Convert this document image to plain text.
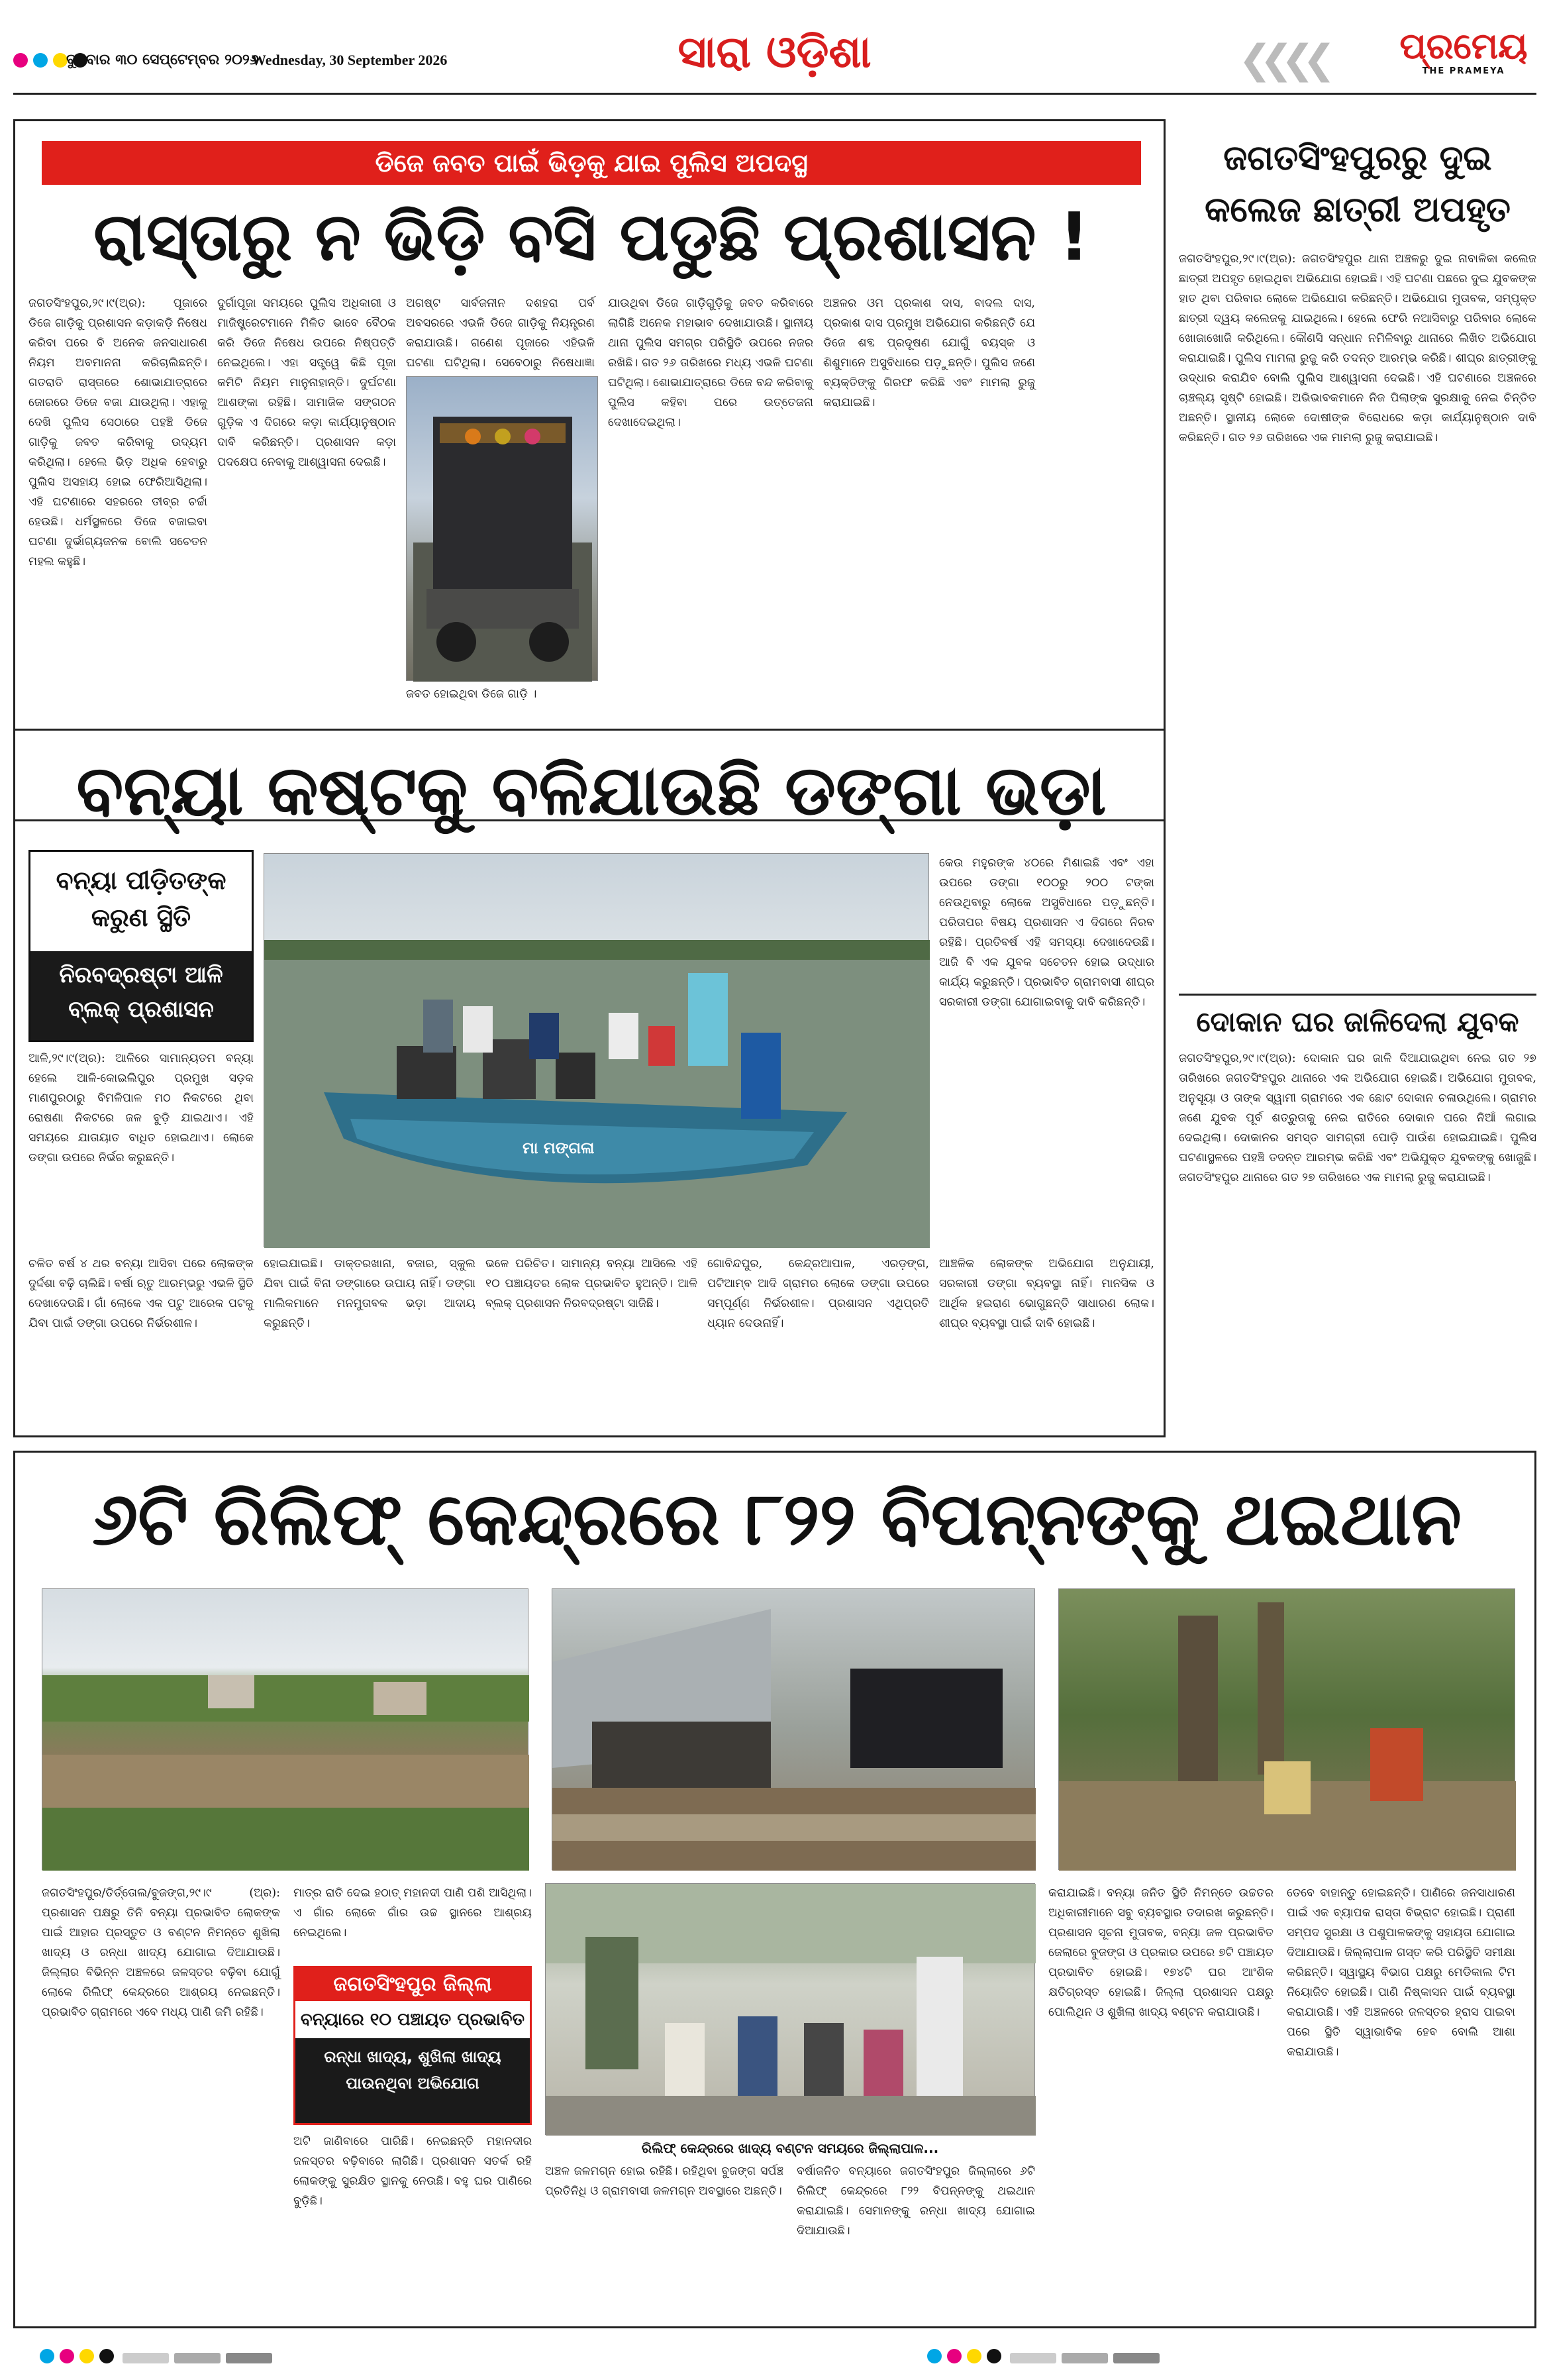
ବୁଧବାର ୩୦ ସେପ୍ଟେମ୍ବର ୨୦୨୬
Wednesday, 30 September 2026	ସାରା ଓଡ଼ିଶା	❮❮❮❮ ପ୍ରମେୟ
THE PRAMEYA
ଡିଜେ ଜବତ ପାଇଁ ଭିଡ଼କୁ ଯାଇ ପୁଲିସ ଅପଦସ୍ଥ
ରାସ୍ତାରୁ ନ ଭିଡ଼ି ବସି ପଡୁଛି ପ୍ରଶାସନ !
ଜଗତସିଂହପୁର,୨୯।୯(ଅ୍ର): ପୂଜାରେ ଡିଜେ ଗାଡ଼ିକୁ ପ୍ରଶାସନ କଡ଼ାକଡ଼ି ନିଷେଧ କରିବା ପରେ ବି ଅନେକ ଜନସାଧାରଣ ନିୟମ ଅବମାନନା କରିଚାଲିଛନ୍ତି। ଗତରାତି ରାସ୍ତାରେ ଶୋଭାଯାତ୍ରାରେ ଜୋରରେ ଡିଜେ ବଜା ଯାଉଥିଲା। ଏହାକୁ ଦେଖି ପୁଲିସ ସେଠାରେ ପହଞ୍ଚି ଡିଜେ ଗାଡ଼ିକୁ ଜବତ କରିବାକୁ ଉଦ୍ୟମ କରିଥିଲା। ହେଲେ ଭିଡ଼ ଅଧିକ ହେବାରୁ ପୁଲିସ ଅସହାୟ ହୋଇ ଫେରିଆସିଥିଲା। ଏହି ଘଟଣାରେ ସହରରେ ତୀବ୍ର ଚର୍ଚ୍ଚା ହେଉଛି। ଧର୍ମସ୍ଥଳରେ ଡିଜେ ବଜାଇବା ଘଟଣା ଦୁର୍ଭାଗ୍ୟଜନକ ବୋଲି ସଚେତନ ମହଲ କହୁଛି।
ଦୁର୍ଗାପୂଜା ସମୟରେ ପୁଲିସ ଅଧିକାରୀ ଓ ମାଜିଷ୍ଟ୍ରେଟମାନେ ମିଳିତ ଭାବେ ବୈଠକ କରି ଡିଜେ ନିଷେଧ ଉପରେ ନିଷ୍ପତ୍ତି ନେଇଥିଲେ। ଏହା ସତ୍ତ୍ୱେ କିଛି ପୂଜା କମିଟି ନିୟମ ମାନୁନାହାନ୍ତି। ଦୁର୍ଘଟଣା ଆଶଙ୍କା ରହିଛି। ସାମାଜିକ ସଙ୍ଗଠନ ଗୁଡ଼ିକ ଏ ଦିଗରେ କଡ଼ା କାର୍ଯ୍ୟାନୁଷ୍ଠାନ ଦାବି କରିଛନ୍ତି। ପ୍ରଶାସନ କଡ଼ା ପଦକ୍ଷେପ ନେବାକୁ ଆଶ୍ୱାସନା ଦେଇଛି।
ଅଗଷ୍ଟ ସାର୍ବଜନୀନ ଦଶହରା ପର୍ବ ଅବସରରେ ଏଭଳି ଡିଜେ ଗାଡ଼ିକୁ ନିୟନ୍ତ୍ରଣ କରାଯାଉଛି। ଗଣେଶ ପୂଜାରେ ଏହିଭଳି ଘଟଣା ଘଟିଥିଲା। ସେବେଠାରୁ ନିଷେଧାଜ୍ଞା
ଜବତ ହୋଇଥିବା ଡିଜେ ଗାଡ଼ି ।
ଯାଉଥିବା ଡିଜେ ଗାଡ଼ିଗୁଡ଼ିକୁ ଜବତ କରିବାରେ ଲାଗିଛି ଅନେକ ମହାଭାବ ଦେଖାଯାଉଛି। ସ୍ଥାନୀୟ ଥାନା ପୁଲିସ ସମଗ୍ର ପରିସ୍ଥିତି ଉପରେ ନଜର ରଖିଛି। ଗତ ୨୬ ତାରିଖରେ ମଧ୍ୟ ଏଭଳି ଘଟଣା ଘଟିଥିଲା। ଶୋଭାଯାତ୍ରାରେ ଡିଜେ ବନ୍ଦ କରିବାକୁ ପୁଲିସ କହିବା ପରେ ଉତ୍ତେଜନା ଦେଖାଦେଇଥିଲା।
ଅଞ୍ଚଳର ଓମ ପ୍ରକାଶ ଦାସ, ବାଦଲ ଦାସ, ପ୍ରକାଶ ଦାସ ପ୍ରମୁଖ ଅଭିଯୋଗ କରିଛନ୍ତି ଯେ ଡିଜେ ଶବ୍ଦ ପ୍ରଦୂଷଣ ଯୋଗୁଁ ବୟସ୍କ ଓ ଶିଶୁମାନେ ଅସୁବିଧାରେ ପଡ଼ୁଛନ୍ତି। ପୁଲିସ ଜଣେ ବ୍ୟକ୍ତିଙ୍କୁ ଗିରଫ କରିଛି ଏବଂ ମାମଲା ରୁଜୁ କରାଯାଇଛି।
ଜଗତସିଂହପୁରରୁ ଦୁଇ କଲେଜ ଛାତ୍ରୀ ଅପହୃତ
ଜଗତସିଂହପୁର,୨୯।୯(ଅ୍ର): ଜଗତସିଂହପୁର ଥାନା ଅଞ୍ଚଳରୁ ଦୁଇ ନାବାଳିକା କଲେଜ ଛାତ୍ରୀ ଅପହୃତ ହୋଇଥିବା ଅଭିଯୋଗ ହୋଇଛି। ଏହି ଘଟଣା ପଛରେ ଦୁଇ ଯୁବକଙ୍କ ହାତ ଥିବା ପରିବାର ଲୋକେ ଅଭିଯୋଗ କରିଛନ୍ତି। ଅଭିଯୋଗ ମୁତାବକ, ସମ୍ପୃକ୍ତ ଛାତ୍ରୀ ଦ୍ୱୟ କଲେଜକୁ ଯାଇଥିଲେ। ହେଲେ ଫେରି ନଆସିବାରୁ ପରିବାର ଲୋକେ ଖୋଜାଖୋଜି କରିଥିଲେ। କୌଣସି ସନ୍ଧାନ ନମିଳିବାରୁ ଥାନାରେ ଲିଖିତ ଅଭିଯୋଗ କରାଯାଇଛି। ପୁଲିସ ମାମଲା ରୁଜୁ କରି ତଦନ୍ତ ଆରମ୍ଭ କରିଛି। ଶୀଘ୍ର ଛାତ୍ରୀଙ୍କୁ ଉଦ୍ଧାର କରାଯିବ ବୋଲି ପୁଲିସ ଆଶ୍ୱାସନା ଦେଇଛି। ଏହି ଘଟଣାରେ ଅଞ୍ଚଳରେ ଚାଞ୍ଚଲ୍ୟ ସୃଷ୍ଟି ହୋଇଛି। ଅଭିଭାବକମାନେ ନିଜ ପିଲାଙ୍କ ସୁରକ୍ଷାକୁ ନେଇ ଚିନ୍ତିତ ଅଛନ୍ତି। ସ୍ଥାନୀୟ ଲୋକେ ଦୋଷୀଙ୍କ ବିରୋଧରେ କଡ଼ା କାର୍ଯ୍ୟାନୁଷ୍ଠାନ ଦାବି କରିଛନ୍ତି। ଗତ ୨୬ ତାରିଖରେ ଏକ ମାମଲା ରୁଜୁ କରାଯାଇଛି।
ଦୋକାନ ଘର ଜାଳିଦେଲା ଯୁବକ
ଜଗତସିଂହପୁର,୨୯।୯(ଅ୍ର): ଦୋକାନ ଘର ଜାଳି ଦିଆଯାଇଥିବା ନେଇ ଗତ ୨୭ ତାରିଖରେ ଜଗତସିଂହପୁର ଥାନାରେ ଏକ ଅଭିଯୋଗ ହୋଇଛି। ଅଭିଯୋଗ ମୁତାବକ, ଅନୁସୂୟା ଓ ତାଙ୍କ ସ୍ୱାମୀ ଗ୍ରାମରେ ଏକ ଛୋଟ ଦୋକାନ ଚଳାଉଥିଲେ। ଗ୍ରାମର ଜଣେ ଯୁବକ ପୂର୍ବ ଶତ୍ରୁତାକୁ ନେଇ ରାତିରେ ଦୋକାନ ଘରେ ନିଆଁ ଲଗାଇ ଦେଇଥିଲା। ଦୋକାନର ସମସ୍ତ ସାମଗ୍ରୀ ପୋଡ଼ି ପାଉଁଶ ହୋଇଯାଇଛି। ପୁଲିସ ଘଟଣାସ୍ଥଳରେ ପହଞ୍ଚି ତଦନ୍ତ ଆରମ୍ଭ କରିଛି ଏବଂ ଅଭିଯୁକ୍ତ ଯୁବକଙ୍କୁ ଖୋଜୁଛି। ଜଗତସିଂହପୁର ଥାନାରେ ଗତ ୨୭ ତାରିଖରେ ଏକ ମାମଲା ରୁଜୁ କରାଯାଇଛି।
ବନ୍ୟା କଷ୍ଟକୁ ବଳିଯାଉଛି ଡଙ୍ଗା ଭଡ଼ା
ବନ୍ୟା ପୀଡ଼ିତଙ୍କ କରୁଣ ସ୍ଥିତି
ନିରବଦ୍ରଷ୍ଟା ଆଳି ବ୍ଲକ୍ ପ୍ରଶାସନ
ଆଳି,୨୯।୯(ଅ୍ର): ଆଳିରେ ସାମାନ୍ୟତମ ବନ୍ୟା ହେଲେ ଆଳି-କୋଇଲିପୁର ପ୍ରମୁଖ ସଡ଼କ ମାଣପୁରଠାରୁ ବିମଳିପାଳ ମଠ ନିକଟରେ ଥିବା ରୋଷଣା ନିକଟରେ ଜଳ ବୁଡ଼ି ଯାଇଥାଏ। ଏହି ସମୟରେ ଯାତାୟାତ ବାଧିତ ହୋଇଥାଏ। ଲୋକେ ଡଙ୍ଗା ଉପରେ ନିର୍ଭର କରୁଛନ୍ତି।
ମା ମଙ୍ଗଳା
କେଉ ମହୁରଙ୍କ ୪୦ରେ ମିଶାଇଛି ଏବଂ ଏହା ଉପରେ ଡଙ୍ଗା ୧୦୦ରୁ ୨୦୦ ଟଙ୍କା ନେଉଥିବାରୁ ଲୋକେ ଅସୁବିଧାରେ ପଡ଼ୁଛନ୍ତି। ପରିତାପର ବିଷୟ ପ୍ରଶାସନ ଏ ଦିଗରେ ନିରବ ରହିଛି। ପ୍ରତିବର୍ଷ ଏହି ସମସ୍ୟା ଦେଖାଦେଉଛି। ଆଜି ବି ଏକ ଯୁବକ ସଚେତନ ହୋଇ ଉଦ୍ଧାର କାର୍ଯ୍ୟ କରୁଛନ୍ତି। ପ୍ରଭାବିତ ଗ୍ରାମବାସୀ ଶୀଘ୍ର ସରକାରୀ ଡଙ୍ଗା ଯୋଗାଇବାକୁ ଦାବି କରିଛନ୍ତି।
ଚଳିତ ବର୍ଷ ୪ ଥର ବନ୍ୟା ଆସିବା ପରେ ଲୋକଙ୍କ ଦୁର୍ଦ୍ଦଶା ବଢ଼ି ଚାଲିଛି। ବର୍ଷା ଋତୁ ଆରମ୍ଭରୁ ଏଭଳି ସ୍ଥିତି ଦେଖାଦେଉଛି। ଗାଁ ଲୋକେ ଏକ ପଟୁ ଆରେକ ପଟକୁ ଯିବା ପାଇଁ ଡଙ୍ଗା ଉପରେ ନିର୍ଭରଶୀଳ।
ହୋଇଯାଇଛି। ଡାକ୍ତରଖାନା, ବଜାର, ସ୍କୁଲ ଯିବା ପାଇଁ ବିନା ଡଙ୍ଗାରେ ଉପାୟ ନାହିଁ। ଡଙ୍ଗା ମାଲିକମାନେ ମନମୁତାବକ ଭଡ଼ା ଆଦାୟ କରୁଛନ୍ତି।
ଭଳେ ପରିଚିତ। ସାମାନ୍ୟ ବନ୍ୟା ଆସିଲେ ଏହି ୧୦ ପଞ୍ଚାୟତର ଲୋକ ପ୍ରଭାବିତ ହୁଅନ୍ତି। ଆଳି ବ୍ଲକ୍ ପ୍ରଶାସନ ନିରବଦ୍ରଷ୍ଟା ସାଜିଛି।
ଗୋବିନ୍ଦପୁର, କେନ୍ଦ୍ରଆପାଳ, ଏରଡ଼ଙ୍ଗ, ପଟିଆମ୍ବ ଆଦି ଗ୍ରାମର ଲୋକେ ଡଙ୍ଗା ଉପରେ ସମ୍ପୂର୍ଣ୍ଣ ନିର୍ଭରଶୀଳ। ପ୍ରଶାସନ ଏଥିପ୍ରତି ଧ୍ୟାନ ଦେଉନାହିଁ।
ଆଞ୍ଚଳିକ ଲୋକଙ୍କ ଅଭିଯୋଗ ଅନୁଯାୟୀ, ସରକାରୀ ଡଙ୍ଗା ବ୍ୟବସ୍ଥା ନାହିଁ। ମାନସିକ ଓ ଆର୍ଥିକ ହଇରାଣ ଭୋଗୁଛନ୍ତି ସାଧାରଣ ଲୋକ। ଶୀଘ୍ର ବ୍ୟବସ୍ଥା ପାଇଁ ଦାବି ହୋଇଛି।
୬ଟି ରିଲିଫ୍ କେନ୍ଦ୍ରରେ ୮୨୨ ବିପନ୍ନଙ୍କୁ ଥଇଥାନ
ଜଗତସିଂହପୁର/ତିର୍ତ୍ତୋଲ/ବୁଜଙ୍ଗ,୨୯।୯ (ଅ୍ର): ପ୍ରଶାସନ ପକ୍ଷରୁ ତିନି ବନ୍ୟା ପ୍ରଭାବିତ ଲୋକଙ୍କ ପାଇଁ ଆହାର ପ୍ରସ୍ତୁତ ଓ ବଣ୍ଟନ ନିମନ୍ତେ ଶୁଖିଲା ଖାଦ୍ୟ ଓ ରନ୍ଧା ଖାଦ୍ୟ ଯୋଗାଇ ଦିଆଯାଉଛି। ଜିଲ୍ଲାର ବିଭିନ୍ନ ଅଞ୍ଚଳରେ ଜଳସ୍ତର ବଢ଼ିବା ଯୋଗୁଁ ଲୋକେ ରିଲିଫ୍ କେନ୍ଦ୍ରରେ ଆଶ୍ରୟ ନେଇଛନ୍ତି। ପ୍ରଭାବିତ ଗ୍ରାମରେ ଏବେ ମଧ୍ୟ ପାଣି ଜମି ରହିଛି।
ମାତ୍ର ରାତି ଦେଇ ହଠାତ୍ ମହାନଦୀ ପାଣି ପଶି ଆସିଥିଲା। ଏ ଗାଁର ଲୋକେ ଗାଁର ଉଚ୍ଚ ସ୍ଥାନରେ ଆଶ୍ରୟ ନେଇଥିଲେ।
ଜଗତସିଂହପୁର ଜିଲ୍ଲା
ବନ୍ୟାରେ ୧୦ ପଞ୍ଚାୟତ ପ୍ରଭାବିତ
ରନ୍ଧା ଖାଦ୍ୟ, ଶୁଖିଲା ଖାଦ୍ୟ ପାଉନଥିବା ଅଭିଯୋଗ
ଅଟି ଜାଣିବାରେ ପାରିଛି। ନେଇଛନ୍ତି ମହାନଦୀର ଜଳସ୍ତର ବଢ଼ିବାରେ ଲାଗିଛି। ପ୍ରଶାସନ ସତର୍କ ରହି ଲୋକଙ୍କୁ ସୁରକ୍ଷିତ ସ୍ଥାନକୁ ନେଉଛି। ବହୁ ଘର ପାଣିରେ ବୁଡ଼ିଛି।
ରିଲିଫ୍ କେନ୍ଦ୍ରରେ ଖାଦ୍ୟ ବଣ୍ଟନ ସମୟରେ ଜିଲ୍ଲାପାଳ...
ଅଞ୍ଚଳ ଜଳମଗ୍ନ ହୋଇ ରହିଛି। ରହିଥିବା ବୁଜଙ୍ଗ ସର୍ପଞ୍ଚ ପ୍ରତିନିଧି ଓ ଗ୍ରାମବାସୀ ଜଳମଗ୍ନ ଅବସ୍ଥାରେ ଅଛନ୍ତି।
ବର୍ଷାଜନିତ ବନ୍ୟାରେ ଜଗତସିଂହପୁର ଜିଲ୍ଲାରେ ୬ଟି ରିଲିଫ୍ କେନ୍ଦ୍ରରେ ୮୨୨ ବିପନ୍ନଙ୍କୁ ଥଇଥାନ କରାଯାଇଛି। ସେମାନଙ୍କୁ ରନ୍ଧା ଖାଦ୍ୟ ଯୋଗାଇ ଦିଆଯାଉଛି।
କରାଯାଇଛି। ବନ୍ୟା ଜନିତ ସ୍ଥିତି ନିମନ୍ତେ ଉଚ୍ଚତର ଅଧିକାରୀମାନେ ସବୁ ବ୍ୟବସ୍ଥାର ତଦାରଖ କରୁଛନ୍ତି। ପ୍ରଶାସନ ସୂଚନା ମୁତାବକ, ବନ୍ୟା ଜଳ ପ୍ରଭାବିତ ଜେଲାରେ ବୁଜଙ୍ଗ ଓ ପ୍ରକାର ଉପରେ ୭ଟି ପଞ୍ଚାୟତ ପ୍ରଭାବିତ ହୋଇଛି। ୧୭୪ଟି ଘର ଆଂଶିକ କ୍ଷତିଗ୍ରସ୍ତ ହୋଇଛି। ଜିଲ୍ଲା ପ୍ରଶାସନ ପକ୍ଷରୁ ପୋଲିଥିନ ଓ ଶୁଖିଲା ଖାଦ୍ୟ ବଣ୍ଟନ କରାଯାଉଛି।
ତେବେ ବାହାନ୍ତୁ ହୋଇଛନ୍ତି। ପାଣିରେ ଜନସାଧାରଣ ପାଇଁ ଏକ ବ୍ୟାପକ ରାସ୍ତା ବିଭ୍ରାଟ ହୋଇଛି। ପ୍ରାଣୀ ସମ୍ପଦ ସୁରକ୍ଷା ଓ ପଶୁପାଳକଙ୍କୁ ସହାୟତା ଯୋଗାଇ ଦିଆଯାଉଛି। ଜିଲ୍ଲାପାଳ ଗସ୍ତ କରି ପରିସ୍ଥିତି ସମୀକ୍ଷା କରିଛନ୍ତି। ସ୍ୱାସ୍ଥ୍ୟ ବିଭାଗ ପକ୍ଷରୁ ମେଡିକାଲ ଟିମ ନିୟୋଜିତ ହୋଇଛି। ପାଣି ନିଷ୍କାସନ ପାଇଁ ବ୍ୟବସ୍ଥା କରାଯାଉଛି। ଏହି ଅଞ୍ଚଳରେ ଜଳସ୍ତର ହ୍ରାସ ପାଇବା ପରେ ସ୍ଥିତି ସ୍ୱାଭାବିକ ହେବ ବୋଲି ଆଶା କରାଯାଉଛି।
